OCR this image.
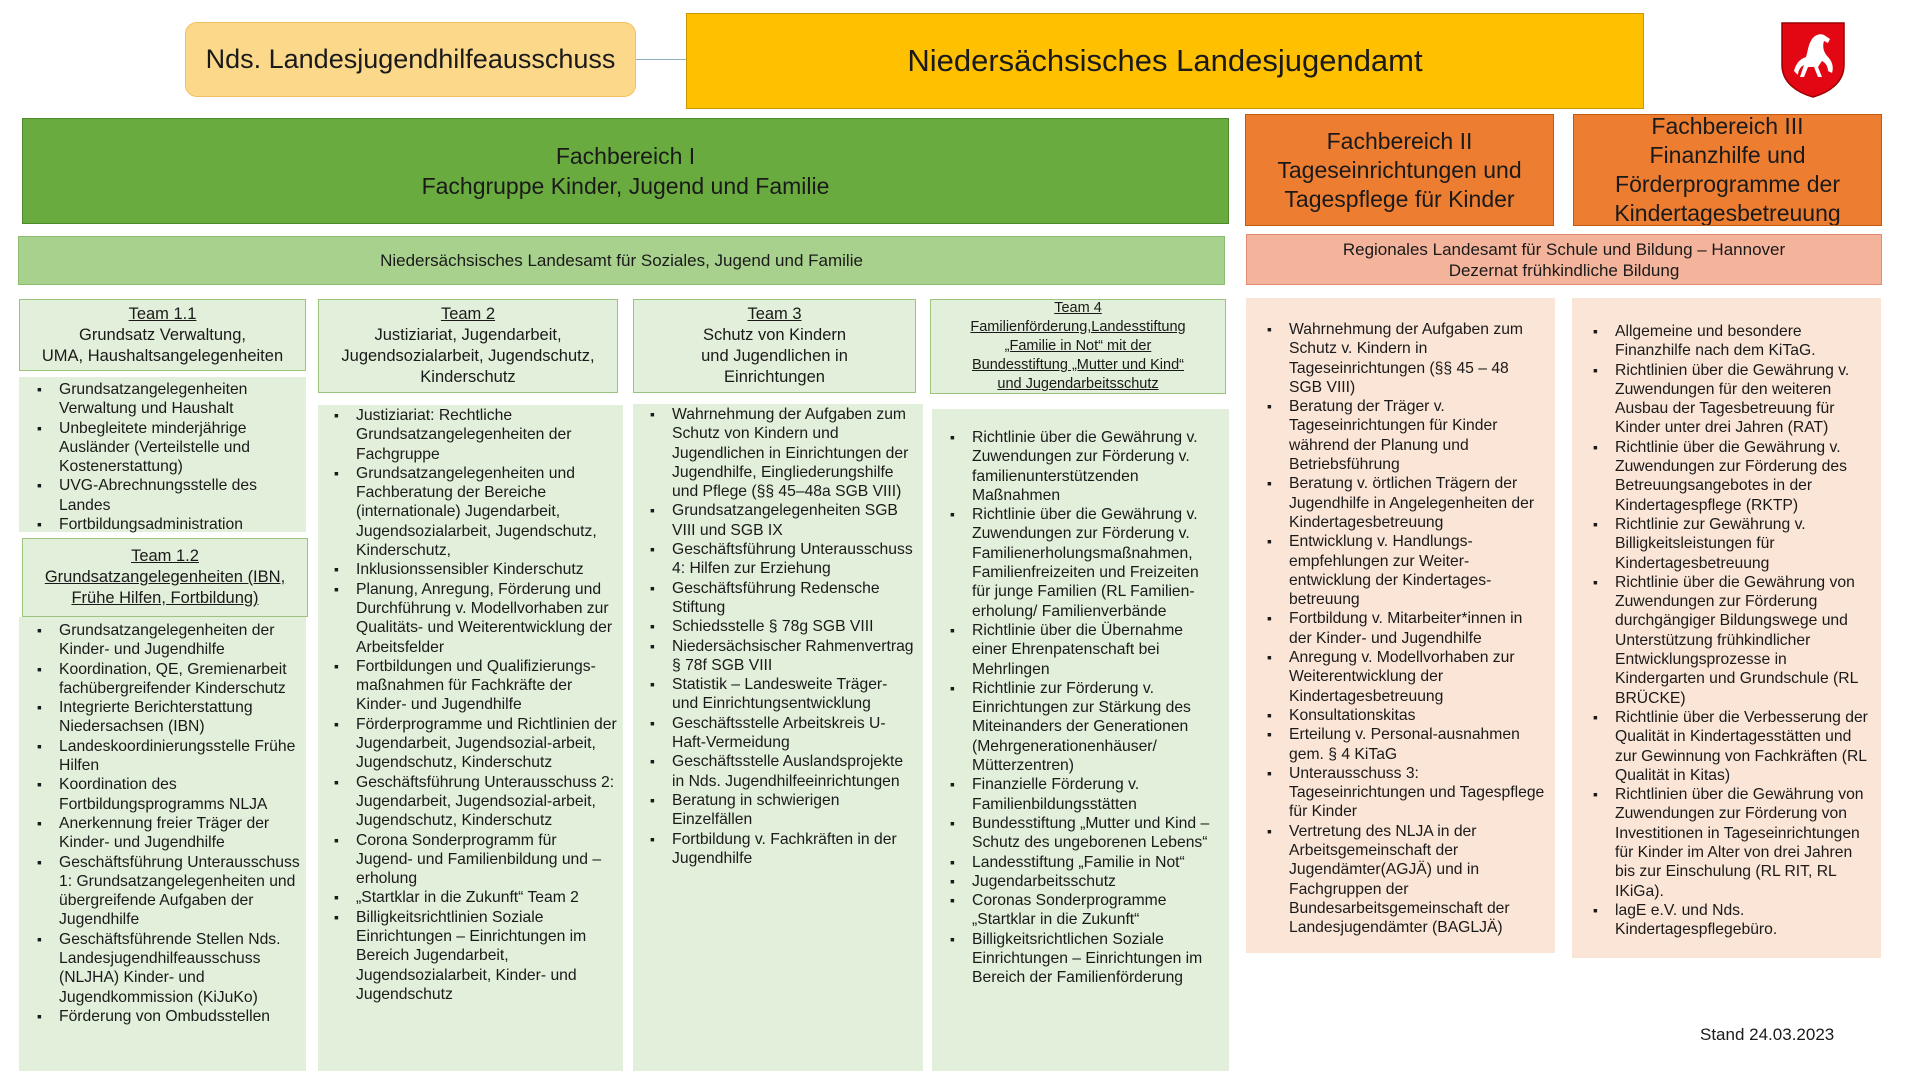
Nds. Landesjugendhilfeausschuss	Niedersächsisches Landesjugendamt
Fachbereich I
Fachgruppe Kinder, Jugend und Familie
Fachbereich II
Tageseinrichtungen und
Tagespflege für Kinder
Fachbereich III
Finanzhilfe und
Förderprogramme der
Kindertagesbetreuung
Niedersächsisches Landesamt für Soziales, Jugend und Familie
Regionales Landesamt für Schule und Bildung – Hannover
Dezernat frühkindliche Bildung
Team 1.1
Grundsatz Verwaltung,
UMA, Haushaltsangelegenheiten
▪ Grundsatzangelegenheiten Verwaltung und Haushalt
▪ Unbegleitete minderjährige Ausländer (Verteilstelle und Kostenerstattung)
▪ UVG-Abrechnungsstelle des Landes
▪ Fortbildungsadministration
Team 1.2
Grundsatzangelegenheiten (IBN,
Frühe Hilfen, Fortbildung)
▪ Grundsatzangelegenheiten der Kinder- und Jugendhilfe
▪ Koordination, QE, Gremienarbeit fachübergreifender Kinderschutz
▪ Integrierte Berichterstattung Niedersachsen (IBN)
▪ Landeskoordinierungsstelle Frühe Hilfen
▪ Koordination des Fortbildungsprogramms NLJA
▪ Anerkennung freier Träger der Kinder- und Jugendhilfe
▪ Geschäftsführung Unterausschuss 1: Grundsatzangelegenheiten und übergreifende Aufgaben der Jugendhilfe
▪ Geschäftsführende Stellen Nds. Landesjugendhilfeausschuss (NLJHA) Kinder- und Jugendkommission (KiJuKo)
▪ Förderung von Ombudsstellen
Team 2
Justiziariat, Jugendarbeit,
Jugendsozialarbeit, Jugendschutz,
Kinderschutz
▪ Justiziariat: Rechtliche Grundsatzangelegenheiten der Fachgruppe
▪ Grundsatzangelegenheiten und Fachberatung der Bereiche (internationale) Jugendarbeit, Jugendsozialarbeit, Jugendschutz, Kinderschutz,
▪ Inklusionssensibler Kinderschutz
▪ Planung, Anregung, Förderung und Durchführung v. Modellvorhaben zur Qualitäts- und Weiterentwicklung der Arbeitsfelder
▪ Fortbildungen und Qualifizierungs-maßnahmen für Fachkräfte der Kinder- und Jugendhilfe
▪ Förderprogramme und Richtlinien der Jugendarbeit, Jugendsozial-arbeit, Jugendschutz, Kinderschutz
▪ Geschäftsführung Unterausschuss 2: Jugendarbeit, Jugendsozial-arbeit, Jugendschutz, Kinderschutz
▪ Corona Sonderprogramm für Jugend- und Familienbildung und –erholung
▪ „Startklar in die Zukunft“ Team 2
▪ Billigkeitsrichtlinien Soziale Einrichtungen – Einrichtungen im Bereich Jugendarbeit, Jugendsozialarbeit, Kinder- und Jugendschutz
Team 3
Schutz von Kindern
und Jugendlichen in
Einrichtungen
▪ Wahrnehmung der Aufgaben zum Schutz von Kindern und Jugendlichen in Einrichtungen der Jugendhilfe, Eingliederungshilfe und Pflege (§§ 45–48a SGB VIII)
▪ Grundsatzangelegenheiten SGB VIII und SGB IX
▪ Geschäftsführung Unterausschuss 4: Hilfen zur Erziehung
▪ Geschäftsführung Redensche Stiftung
▪ Schiedsstelle § 78g SGB VIII
▪ Niedersächsischer Rahmenvertrag § 78f SGB VIII
▪ Statistik – Landesweite Träger- und Einrichtungsentwicklung
▪ Geschäftsstelle Arbeitskreis U-Haft-Vermeidung
▪ Geschäftsstelle Auslandsprojekte in Nds. Jugendhilfeeinrichtungen
▪ Beratung in schwierigen Einzelfällen
▪ Fortbildung v. Fachkräften in der Jugendhilfe
Team 4
Familienförderung,Landesstiftung
„Familie in Not“ mit der
Bundesstiftung „Mutter und Kind“
und Jugendarbeitsschutz
▪ Richtlinie über die Gewährung v. Zuwendungen zur Förderung v. familienunterstützenden Maßnahmen
▪ Richtlinie über die Gewährung v. Zuwendungen zur Förderung v. Familienerholungsmaßnahmen, Familienfreizeiten und Freizeiten für junge Familien (RL Familien-erholung/ Familienverbände
▪ Richtlinie über die Übernahme einer Ehrenpatenschaft bei Mehrlingen
▪ Richtlinie zur Förderung v. Einrichtungen zur Stärkung des Miteinanders der Generationen (Mehrgenerationenhäuser/ Mütterzentren)
▪ Finanzielle Förderung v. Familienbildungsstätten
▪ Bundesstiftung „Mutter und Kind – Schutz des ungeborenen Lebens“
▪ Landesstiftung „Familie in Not“
▪ Jugendarbeitsschutz
▪ Coronas Sonderprogramme „Startklar in die Zukunft“
▪ Billigkeitsrichtlichen Soziale Einrichtungen – Einrichtungen im Bereich der Familienförderung
▪ Wahrnehmung der Aufgaben zum Schutz v. Kindern in Tageseinrichtungen (§§ 45 – 48 SGB VIII)
▪ Beratung der Träger v. Tageseinrichtungen für Kinder während der Planung und Betriebsführung
▪ Beratung v. örtlichen Trägern der Jugendhilfe in Angelegenheiten der Kindertagesbetreuung
▪ Entwicklung v. Handlungs-empfehlungen zur Weiter-entwicklung der Kindertages-betreuung
▪ Fortbildung v. Mitarbeiter*innen in der Kinder- und Jugendhilfe
▪ Anregung v. Modellvorhaben zur Weiterentwicklung der Kindertagesbetreuung
▪ Konsultationskitas
▪ Erteilung v. Personal-ausnahmen gem. § 4 KiTaG
▪ Unterausschuss 3: Tageseinrichtungen und Tagespflege für Kinder
▪ Vertretung des NLJA in der Arbeitsgemeinschaft der Jugendämter(AGJÄ) und in Fachgruppen der Bundesarbeitsgemeinschaft der Landesjugendämter (BAGLJÄ)
▪ Allgemeine und besondere Finanzhilfe nach dem KiTaG.
▪ Richtlinien über die Gewährung v. Zuwendungen für den weiteren Ausbau der Tagesbetreuung für Kinder unter drei Jahren (RAT)
▪ Richtlinie über die Gewährung v. Zuwendungen zur Förderung des Betreuungsangebotes in der Kindertagespflege (RKTP)
▪ Richtlinie zur Gewährung v. Billigkeitsleistungen für Kindertagesbetreuung
▪ Richtlinie über die Gewährung von Zuwendungen zur Förderung durchgängiger Bildungswege und Unterstützung frühkindlicher Entwicklungsprozesse in Kindergarten und Grundschule (RL BRÜCKE)
▪ Richtlinie über die Verbesserung der Qualität in Kindertagesstätten und zur Gewinnung von Fachkräften (RL Qualität in Kitas)
▪ Richtlinien über die Gewährung von Zuwendungen zur Förderung von Investitionen in Tageseinrichtungen für Kinder im Alter von drei Jahren bis zur Einschulung (RL RIT, RL IKiGa).
▪ lagE e.V. und Nds. Kindertagespflegebüro.
Stand 24.03.2023
